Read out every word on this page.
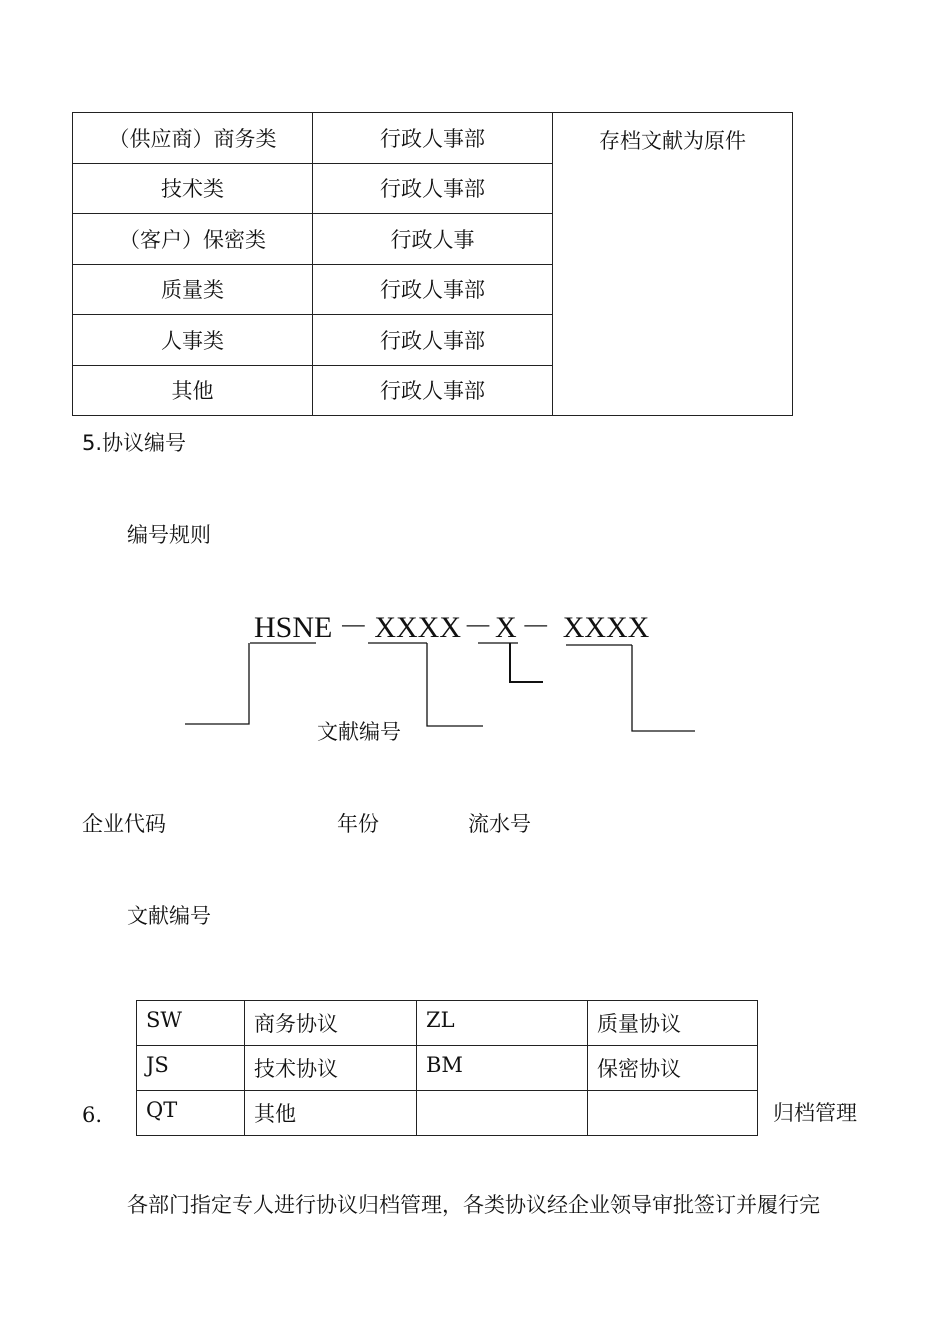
（供应商）商务类	行政人事部	存档文献为原件
技术类	行政人事部	
（客户）保密类	行政人事	
质量类	行政人事部	
人事类	行政人事部	
其他	行政人事部	
5.协议编号
编号规则
HSNE － XXXX－X － XXXX
文献编号
企业代码	年份	流水号
文献编号
SW	商务协议	ZL	质量协议
JS	技术协议	BM	保密协议
QT	其他		
6.	归档管理
各部门指定专人进行协议归档管理，各类协议经企业领导审批签订并履行完
